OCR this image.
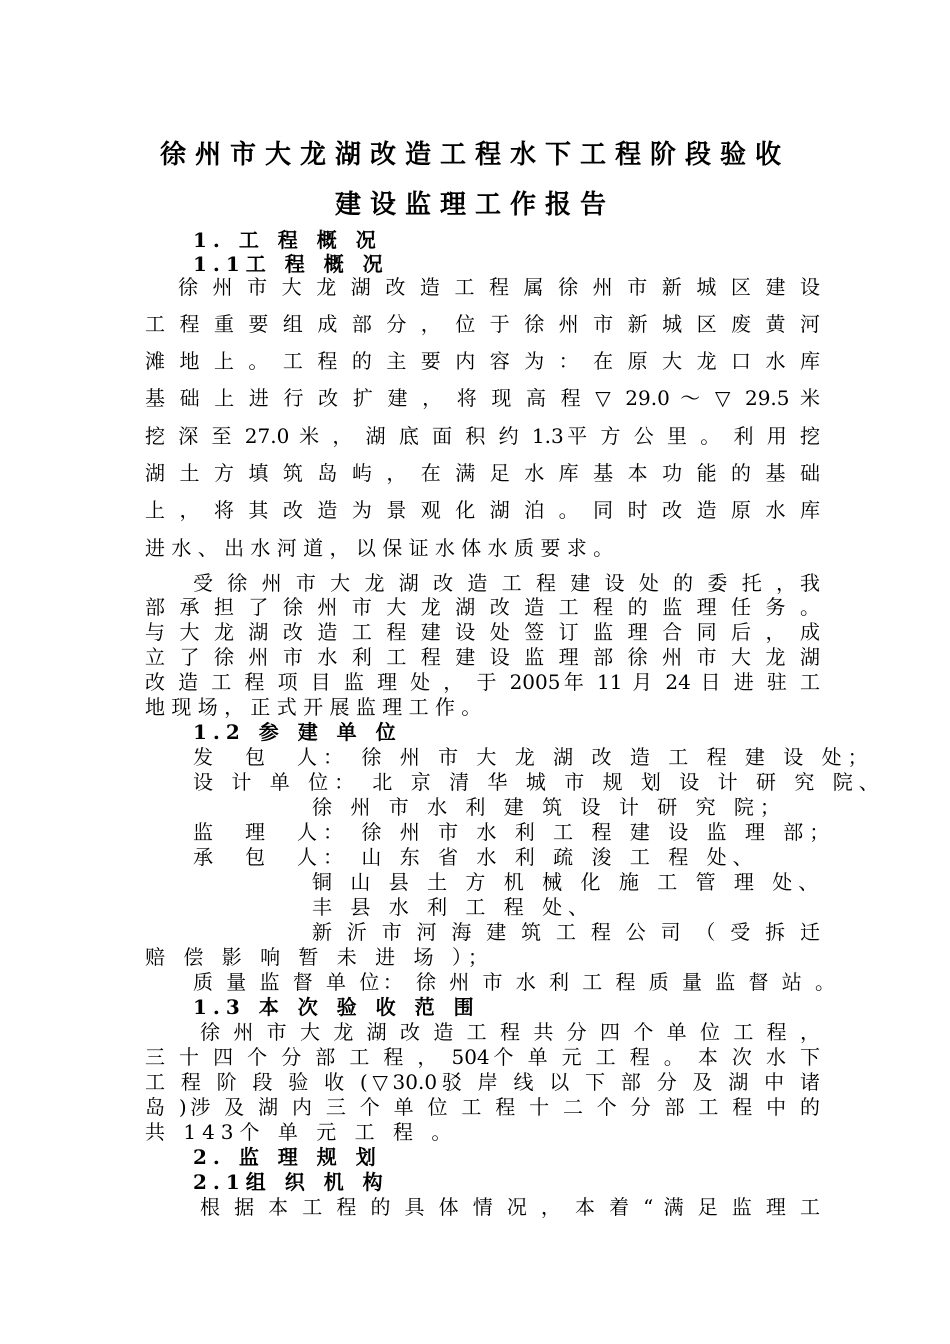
徐州市大龙湖改造工程水下工程阶段验收
建设监理工作报告
1. 工 程 概 况
1.1工 程 概 况
徐 州 市 大 龙 湖 改 造 工 程 属 徐 州 市 新 城 区 建 设
工 程 重 要 组 成 部 分 ， 位 于 徐 州 市 新 城 区 废 黄 河
滩 地 上 。 工 程 的 主 要 内 容 为 ： 在 原 大 龙 口 水 库
基 础 上 进 行 改 扩 建 ， 将 现 高 程 ▽ 29.0 ～ ▽ 29.5 米
挖 深 至 27.0 米 ， 湖 底 面 积 约 1.3平 方 公 里 。 利 用 挖
湖 土 方 填 筑 岛 屿 ， 在 满 足 水 库 基 本 功 能 的 基 础
上 ， 将 其 改 造 为 景 观 化 湖 泊 。 同 时 改 造 原 水 库
进 水 、 出 水 河 道 ， 以 保 证 水 体 水 质 要 求 。
受 徐 州 市 大 龙 湖 改 造 工 程 建 设 处 的 委 托 ，我
部 承 担 了 徐 州 市 大 龙 湖 改 造 工 程 的 监 理 任 务 。
与 大 龙 湖 改 造 工 程 建 设 处 签 订 监 理 合 同 后 ， 成
立 了 徐 州 市 水 利 工 程 建 设 监 理 部 徐 州 市 大 龙 湖
改 造 工 程 项 目 监 理 处 ， 于 2005年 11 月 24 日 进 驻 工
地 现 场 ， 正 式 开 展 监 理 工 作 。
1.2 参 建 单 位
发　包　人： 徐 州 市 大 龙 湖 改 造 工 程 建 设 处；
设 计 单 位： 北 京 清 华 城 市 规 划 设 计 研 究 院、
徐 州 市 水 利 建 筑 设 计 研 究 院；
监　理　人： 徐 州 市 水 利 工 程 建 设 监 理 部；
承　包　人： 山 东 省 水 利 疏 浚 工 程 处、
铜 山 县 土 方 机 械 化 施 工 管 理 处、
丰 县 水 利 工 程 处、
新 沂 市 河 海 建 筑 工 程 公 司 （ 受 拆 迁
赔 偿 影 响 暂 未 进 场 ）；
质 量 监 督 单 位： 徐 州 市 水 利 工 程 质 量 监 督 站 。
1.3 本 次 验 收 范 围
徐 州 市 大 龙 湖 改 造 工 程 共 分 四 个 单 位 工 程 ，
三 十 四 个 分 部 工 程 ， 504个 单 元 工 程 。 本 次 水 下
工 程 阶 段 验 收 (▽30.0驳 岸 线 以 下 部 分 及 湖 中 诸
岛 )涉 及 湖 内 三 个 单 位 工 程 十 二 个 分 部 工 程 中 的
共 143个 单 元 工 程 。
2. 监 理 规 划
2.1组 织 机 构
根 据 本 工 程 的 具 体 情 况 ， 本 着 “ 满 足 监 理 工
